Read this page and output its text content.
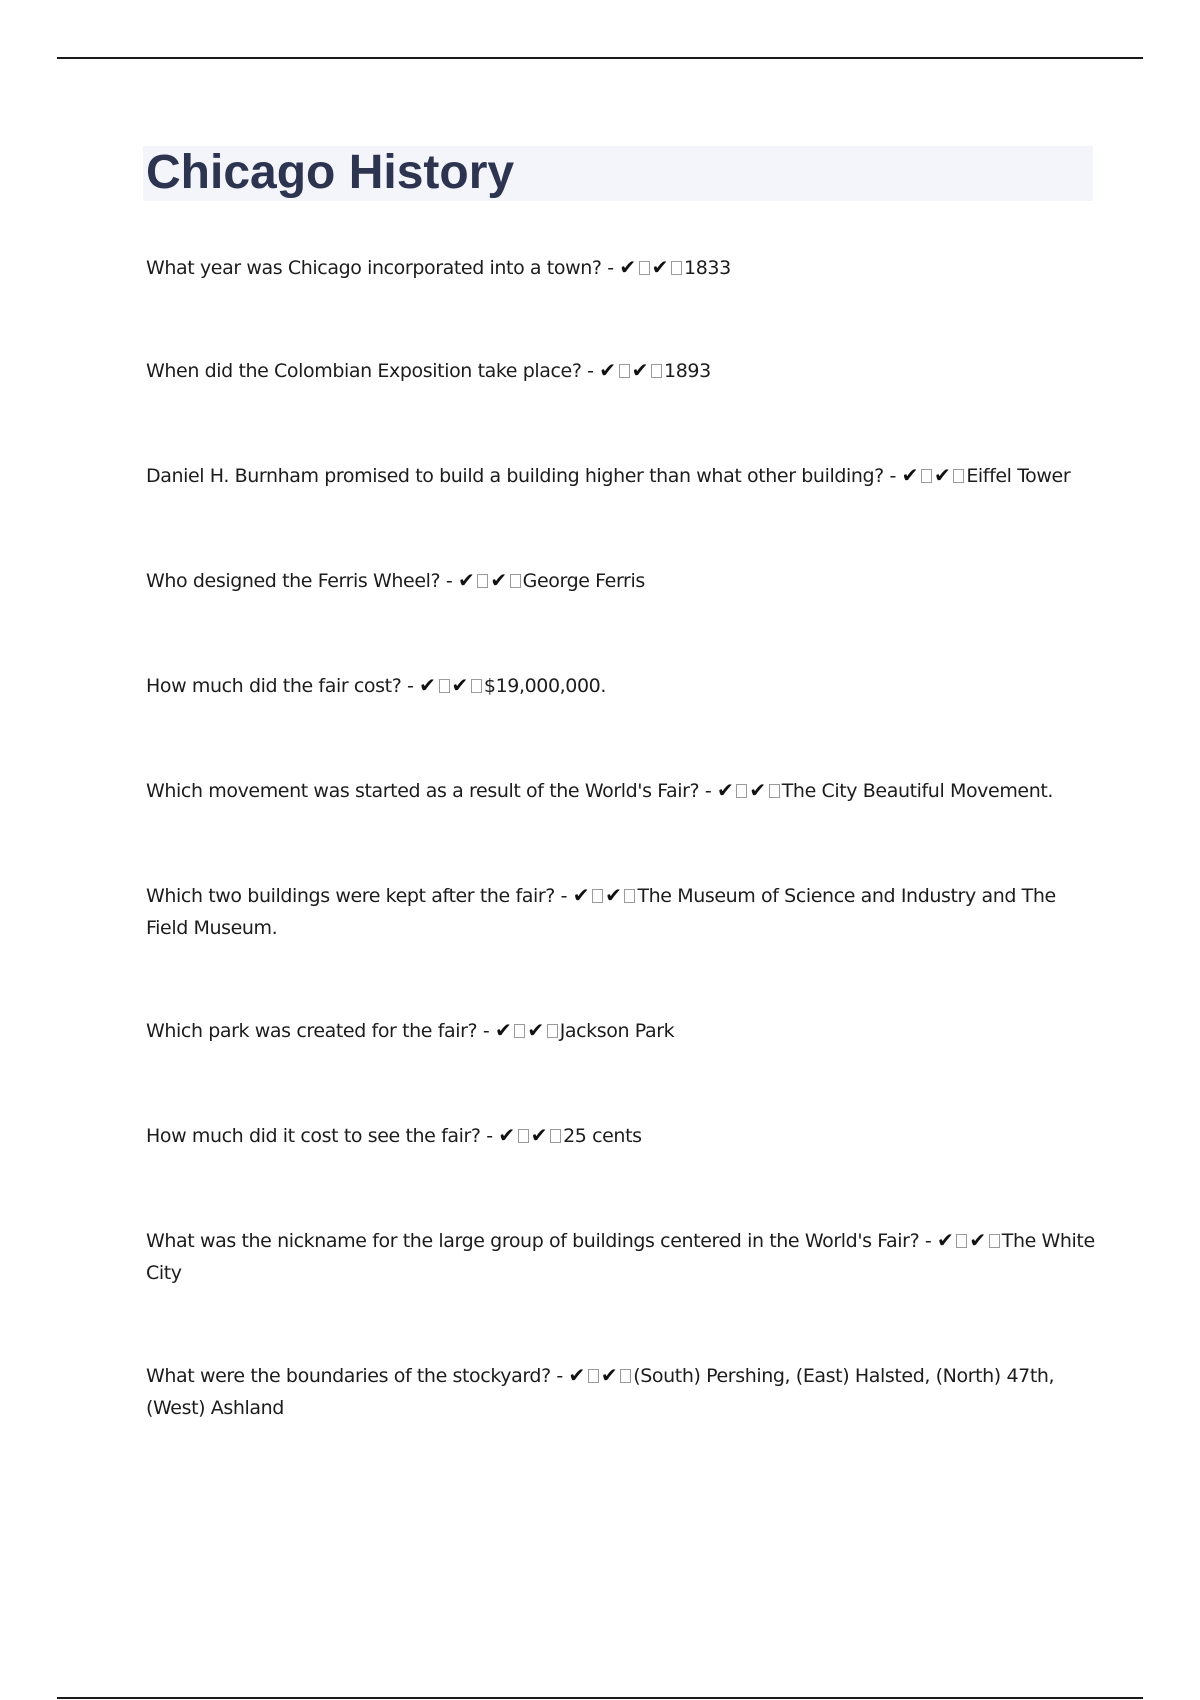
Chicago History
What year was Chicago incorporated into a town? - ✔ ✔ 1833
When did the Colombian Exposition take place? - ✔ ✔ 1893
Daniel H. Burnham promised to build a building higher than what other building? - ✔ ✔ Eiffel Tower
Who designed the Ferris Wheel? - ✔ ✔ George Ferris
How much did the fair cost? - ✔ ✔ $19,000,000.
Which movement was started as a result of the World's Fair? - ✔ ✔ The City Beautiful Movement.
Which two buildings were kept after the fair? - ✔ ✔ The Museum of Science and Industry and The Field Museum.
Which park was created for the fair? - ✔ ✔ Jackson Park
How much did it cost to see the fair? - ✔ ✔ 25 cents
What was the nickname for the large group of buildings centered in the World's Fair? - ✔ ✔ The White City
What were the boundaries of the stockyard? - ✔ ✔ (South) Pershing, (East) Halsted, (North) 47th, (West) Ashland
